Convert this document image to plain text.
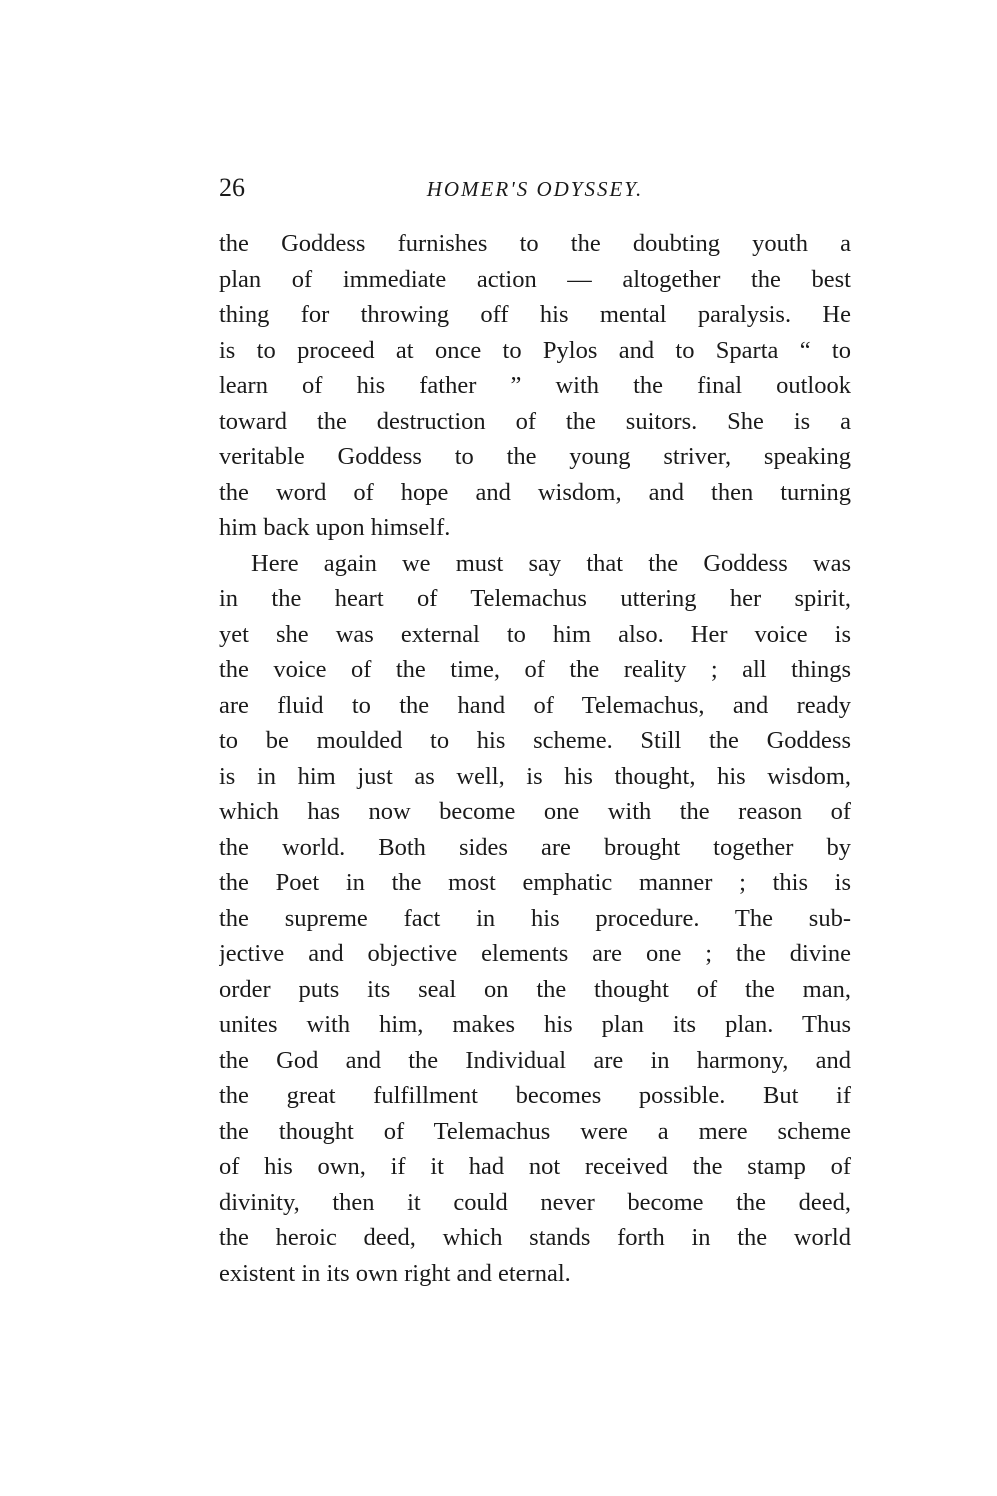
26	HOMER'S ODYSSEY.
the Goddess furnishes to the doubting youth a
plan of immediate action — altogether the best
thing for throwing off his mental paralysis. He
is to proceed at once to Pylos and to Sparta “ to
learn of his father ” with the final outlook
toward the destruction of the suitors. She is a
veritable Goddess to the young striver, speaking
the word of hope and wisdom, and then turning
him back upon himself.
Here again we must say that the Goddess was
in the heart of Telemachus uttering her spirit,
yet she was external to him also. Her voice is
the voice of the time, of the reality ; all things
are fluid to the hand of Telemachus, and ready
to be moulded to his scheme. Still the Goddess
is in him just as well, is his thought, his wisdom,
which has now become one with the reason of
the world. Both sides are brought together by
the Poet in the most emphatic manner ; this is
the supreme fact in his procedure. The sub-
jective and objective elements are one ; the divine
order puts its seal on the thought of the man,
unites with him, makes his plan its plan. Thus
the God and the Individual are in harmony, and
the great fulfillment becomes possible. But if
the thought of Telemachus were a mere scheme
of his own, if it had not received the stamp of
divinity, then it could never become the deed,
the heroic deed, which stands forth in the world
existent in its own right and eternal.
